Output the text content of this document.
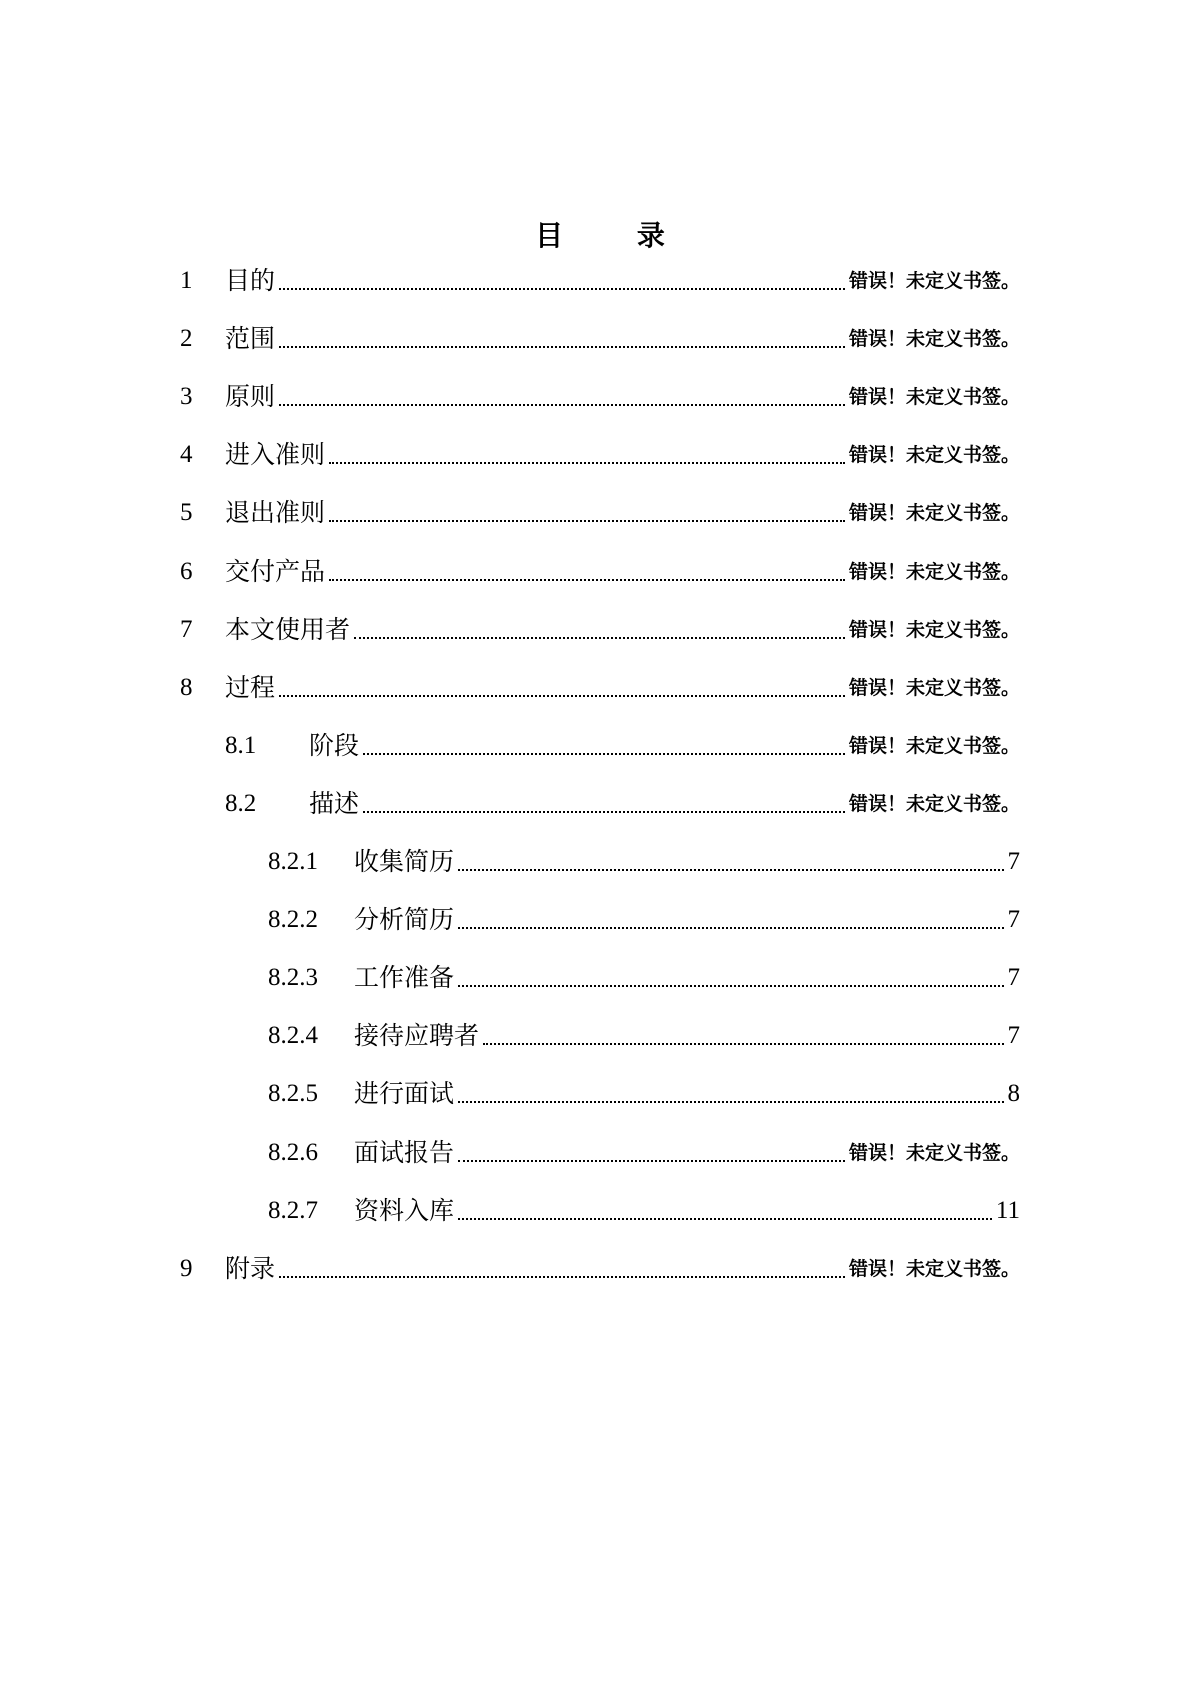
目 录
1	目的	错误！未定义书签。
2	范围	错误！未定义书签。
3	原则	错误！未定义书签。
4	进入准则	错误！未定义书签。
5	退出准则	错误！未定义书签。
6	交付产品	错误！未定义书签。
7	本文使用者	错误！未定义书签。
8	过程	错误！未定义书签。
8.1	阶段	错误！未定义书签。
8.2	描述	错误！未定义书签。
8.2.1	收集简历	7
8.2.2	分析简历	7
8.2.3	工作准备	7
8.2.4	接待应聘者	7
8.2.5	进行面试	8
8.2.6	面试报告	错误！未定义书签。
8.2.7	资料入库	11
9	附录	错误！未定义书签。
